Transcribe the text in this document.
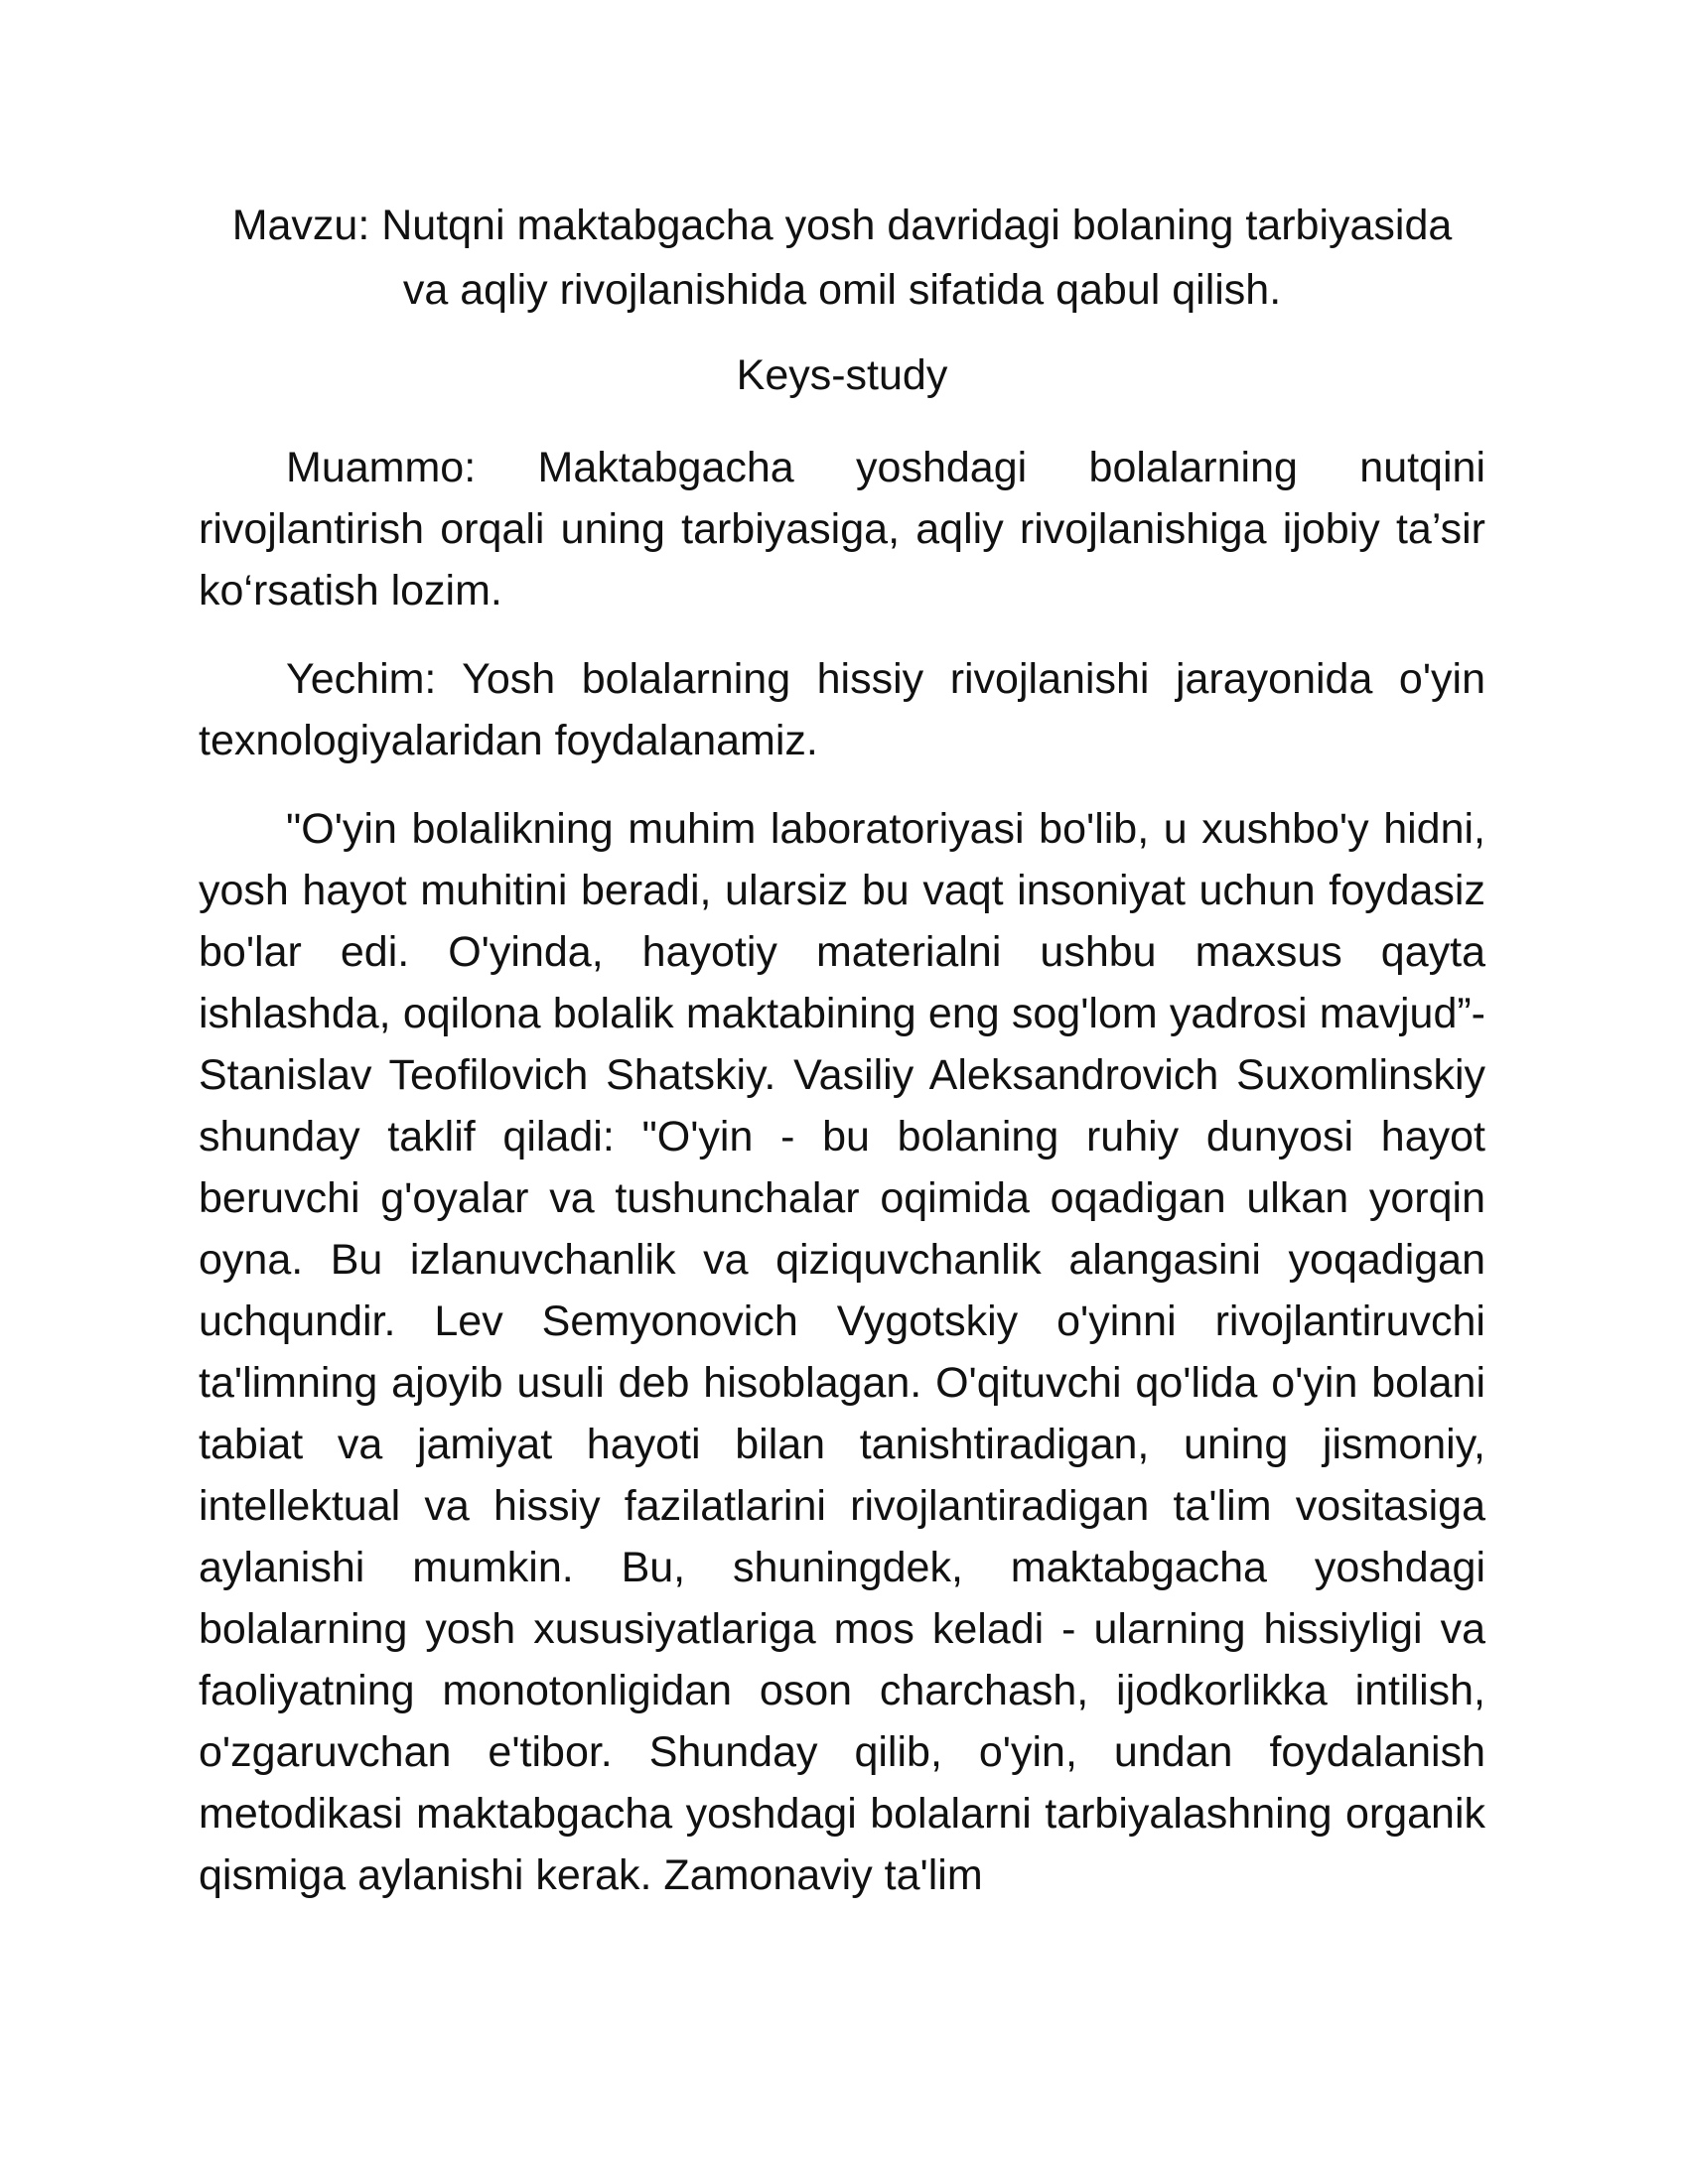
Mavzu: Nutqni maktabgacha yosh davridagi bolaning tarbiyasida
va aqliy rivojlanishida omil sifatida qabul qilish.
Keys-study

Muammo: Maktabgacha yoshdagi bolalarning nutqini rivojlantirish orqali uning tarbiyasiga, aqliy rivojlanishiga ijobiy ta’sir ko‘rsatish lozim.

Yechim: Yosh bolalarning hissiy rivojlanishi jarayonida o'yin texnologiyalaridan foydalanamiz.

"O'yin bolalikning muhim laboratoriyasi bo'lib, u xushbo'y hidni, yosh hayot muhitini beradi, ularsiz bu vaqt insoniyat uchun foydasiz bo'lar edi. O'yinda, hayotiy materialni ushbu maxsus qayta ishlashda, oqilona bolalik maktabining eng sog'lom yadrosi mavjud”- Stanislav Teofilovich Shatskiy. Vasiliy Aleksandrovich Suxomlinskiy shunday taklif qiladi: "O'yin - bu bolaning ruhiy dunyosi hayot beruvchi g'oyalar va tushunchalar oqimida oqadigan ulkan yorqin oyna. Bu izlanuvchanlik va qiziquvchanlik alangasini yoqadigan uchqundir. Lev Semyonovich Vygotskiy o'yinni rivojlantiruvchi ta'limning ajoyib usuli deb hisoblagan. O'qituvchi qo'lida o'yin bolani tabiat va jamiyat hayoti bilan tanishtiradigan, uning jismoniy, intellektual va hissiy fazilatlarini rivojlantiradigan ta'lim vositasiga aylanishi mumkin. Bu, shuningdek, maktabgacha yoshdagi bolalarning yosh xususiyatlariga mos keladi - ularning hissiyligi va faoliyatning monotonligidan oson charchash, ijodkorlikka intilish, o'zgaruvchan e'tibor. Shunday qilib, o'yin, undan foydalanish metodikasi maktabgacha yoshdagi bolalarni tarbiyalashning organik qismiga aylanishi kerak. Zamonaviy ta'lim
